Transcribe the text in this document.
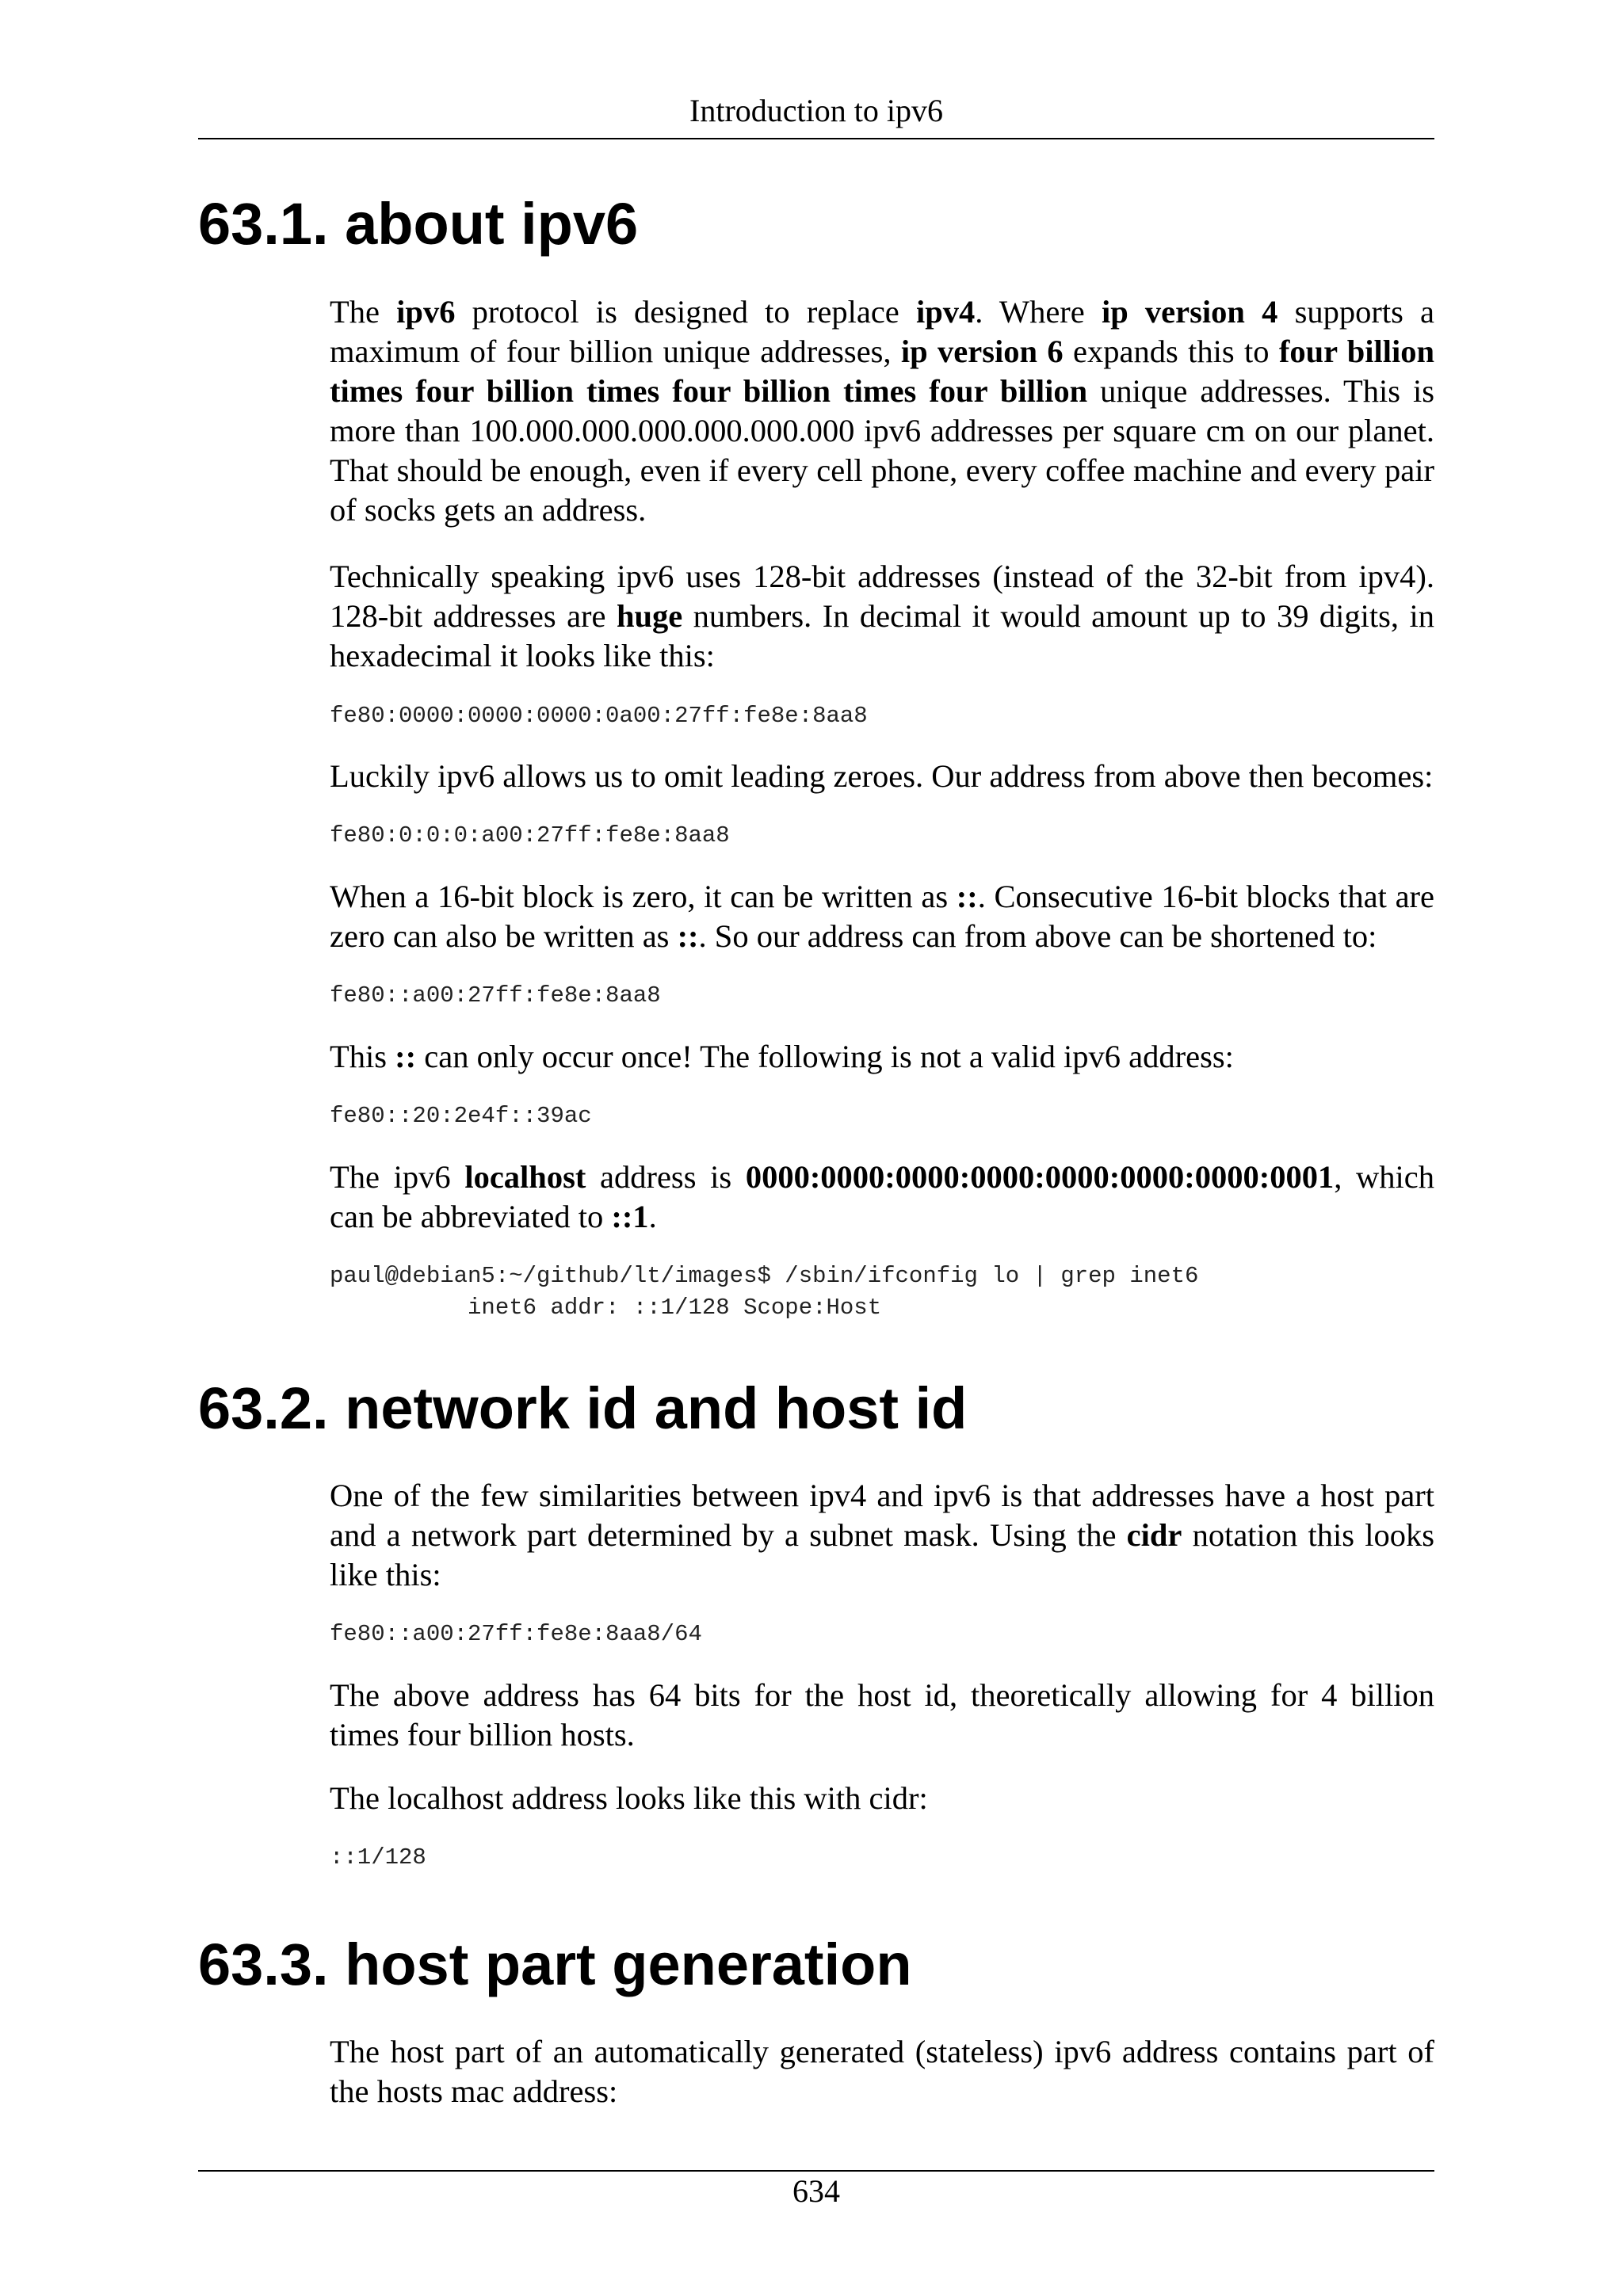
Introduction to ipv6
63.1. about ipv6

The ipv6 protocol is designed to replace ipv4. Where ip version 4 supports a maximum of four billion unique addresses, ip version 6 expands this to four billion times four billion times four billion times four billion unique addresses. This is more than 100.000.000.000.000.000.000 ipv6 addresses per square cm on our planet. That should be enough, even if every cell phone, every coffee machine and every pair of socks gets an address.

Technically speaking ipv6 uses 128-bit addresses (instead of the 32-bit from ipv4). 128-bit addresses are huge numbers. In decimal it would amount up to 39 digits, in hexadecimal it looks like this:

fe80:0000:0000:0000:0a00:27ff:fe8e:8aa8

Luckily ipv6 allows us to omit leading zeroes. Our address from above then becomes:

fe80:0:0:0:a00:27ff:fe8e:8aa8

When a 16-bit block is zero, it can be written as ::. Consecutive 16-bit blocks that are zero can also be written as ::. So our address can from above can be shortened to:

fe80::a00:27ff:fe8e:8aa8

This :: can only occur once! The following is not a valid ipv6 address:

fe80::20:2e4f::39ac

The ipv6 localhost address is 0000:0000:0000:0000:0000:0000:0000:0001, which can be abbreviated to ::1.

paul@debian5:~/github/lt/images$ /sbin/ifconfig lo | grep inet6
inet6 addr: ::1/128 Scope:Host
63.2. network id and host id

One of the few similarities between ipv4 and ipv6 is that addresses have a host part and a network part determined by a subnet mask. Using the cidr notation this looks like this:

fe80::a00:27ff:fe8e:8aa8/64

The above address has 64 bits for the host id, theoretically allowing for 4 billion times four billion hosts.

The localhost address looks like this with cidr:

::1/128
63.3. host part generation

The host part of an automatically generated (stateless) ipv6 address contains part of the hosts mac address:

634
